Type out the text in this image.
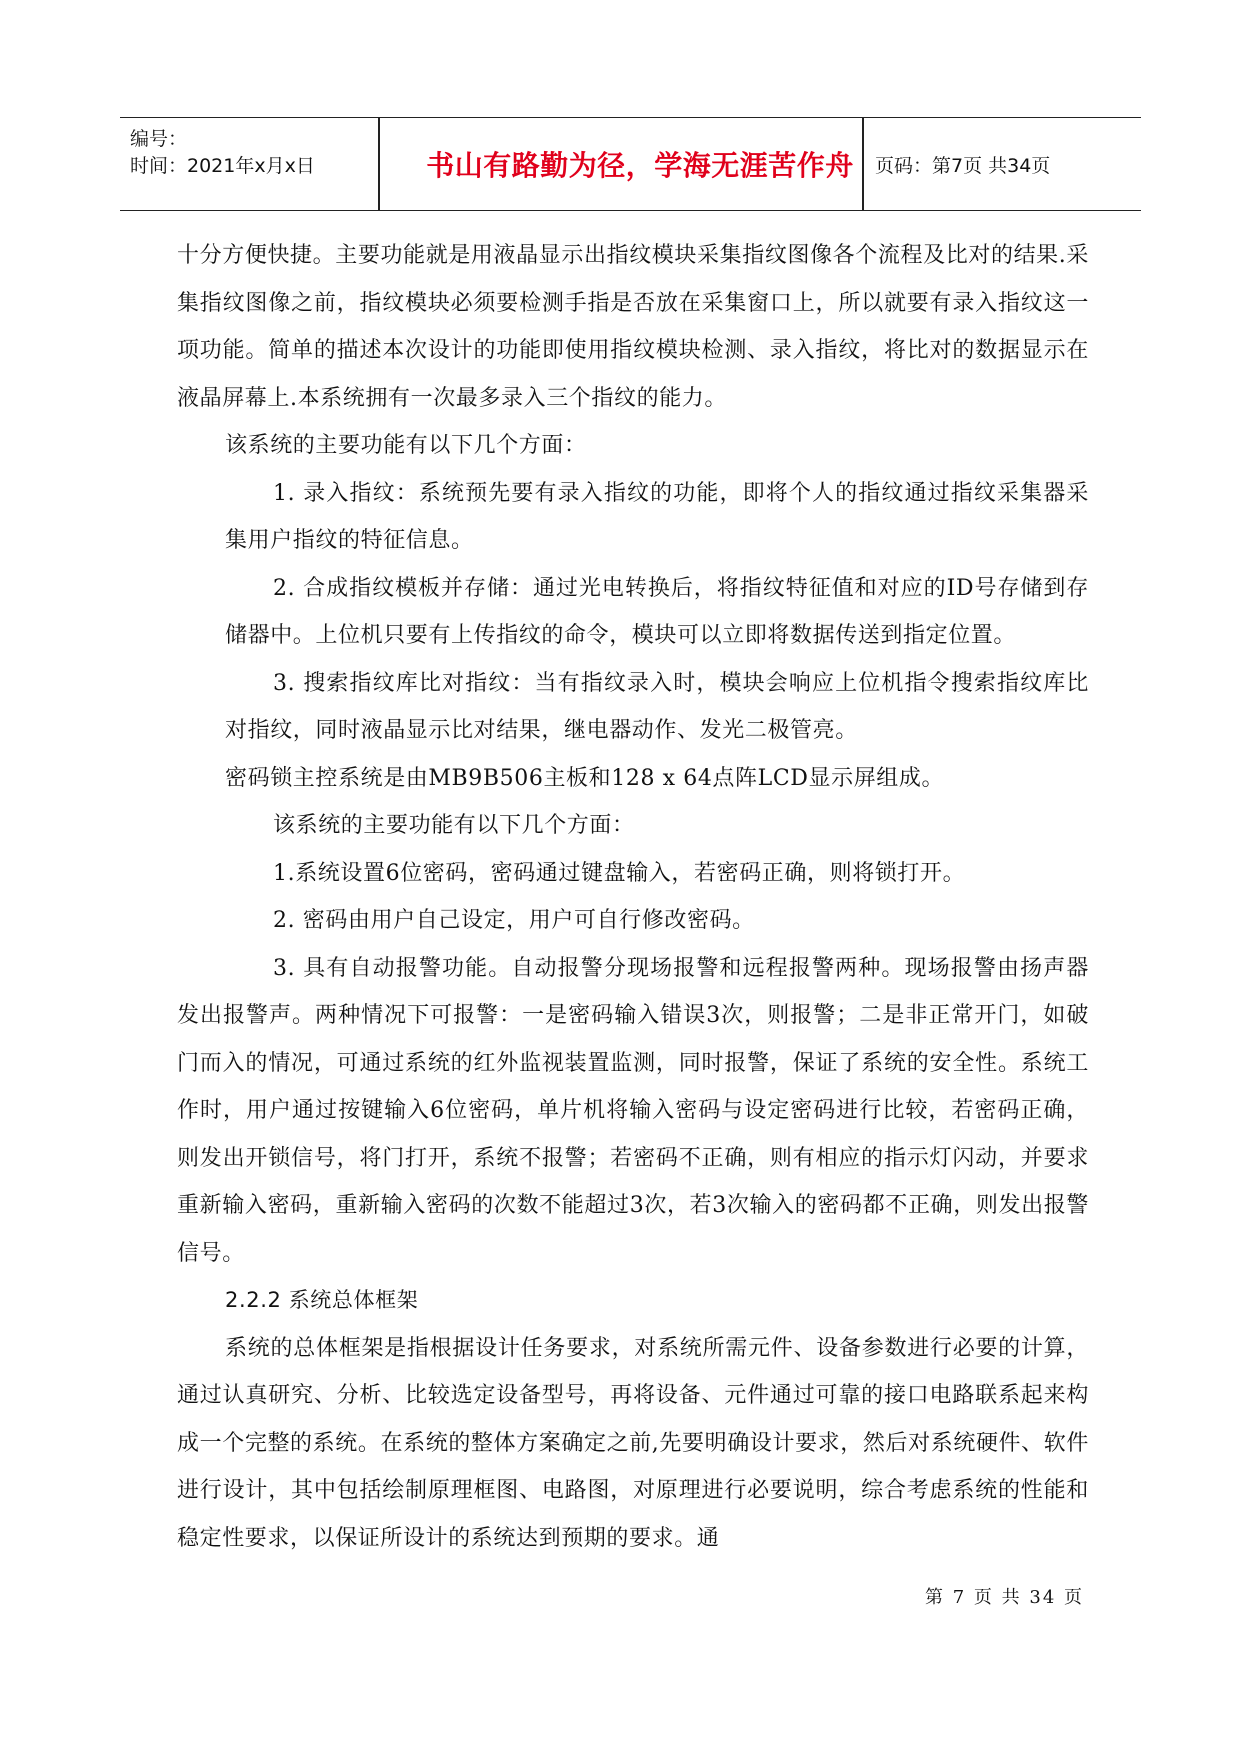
编号：
时间：2021年x月x日	书山有路勤为径，学海无涯苦作舟	页码：第7页 共34页

十分方便快捷。主要功能就是用液晶显示出指纹模块采集指纹图像各个流程及比对的结果.采集指纹图像之前，指纹模块必须要检测手指是否放在采集窗口上，所以就要有录入指纹这一项功能。简单的描述本次设计的功能即使用指纹模块检测、录入指纹，将比对的数据显示在液晶屏幕上.本系统拥有一次最多录入三个指纹的能力。

该系统的主要功能有以下几个方面：

1. 录入指纹：系统预先要有录入指纹的功能，即将个人的指纹通过指纹采集器采集用户指纹的特征信息。

2. 合成指纹模板并存储：通过光电转换后，将指纹特征值和对应的ID号存储到存储器中。上位机只要有上传指纹的命令，模块可以立即将数据传送到指定位置。

3. 搜索指纹库比对指纹：当有指纹录入时，模块会响应上位机指令搜索指纹库比对指纹，同时液晶显示比对结果，继电器动作、发光二极管亮。

密码锁主控系统是由MB9B506主板和128 x 64点阵LCD显示屏组成。

该系统的主要功能有以下几个方面：

1.系统设置6位密码，密码通过键盘输入，若密码正确，则将锁打开。

2. 密码由用户自己设定，用户可自行修改密码。

3. 具有自动报警功能。自动报警分现场报警和远程报警两种。现场报警由扬声器发出报警声。两种情况下可报警：一是密码输入错误3次，则报警；二是非正常开门，如破门而入的情况，可通过系统的红外监视装置监测，同时报警，保证了系统的安全性。系统工作时，用户通过按键输入6位密码，单片机将输入密码与设定密码进行比较，若密码正确，则发出开锁信号，将门打开，系统不报警；若密码不正确，则有相应的指示灯闪动，并要求重新输入密码，重新输入密码的次数不能超过3次，若3次输入的密码都不正确，则发出报警信号。

2.2.2 系统总体框架

系统的总体框架是指根据设计任务要求，对系统所需元件、设备参数进行必要的计算，通过认真研究、分析、比较选定设备型号，再将设备、元件通过可靠的接口电路联系起来构成一个完整的系统。在系统的整体方案确定之前,先要明确设计要求，然后对系统硬件、软件进行设计，其中包括绘制原理框图、电路图，对原理进行必要说明，综合考虑系统的性能和稳定性要求，以保证所设计的系统达到预期的要求。通

第 7 页 共 34 页
